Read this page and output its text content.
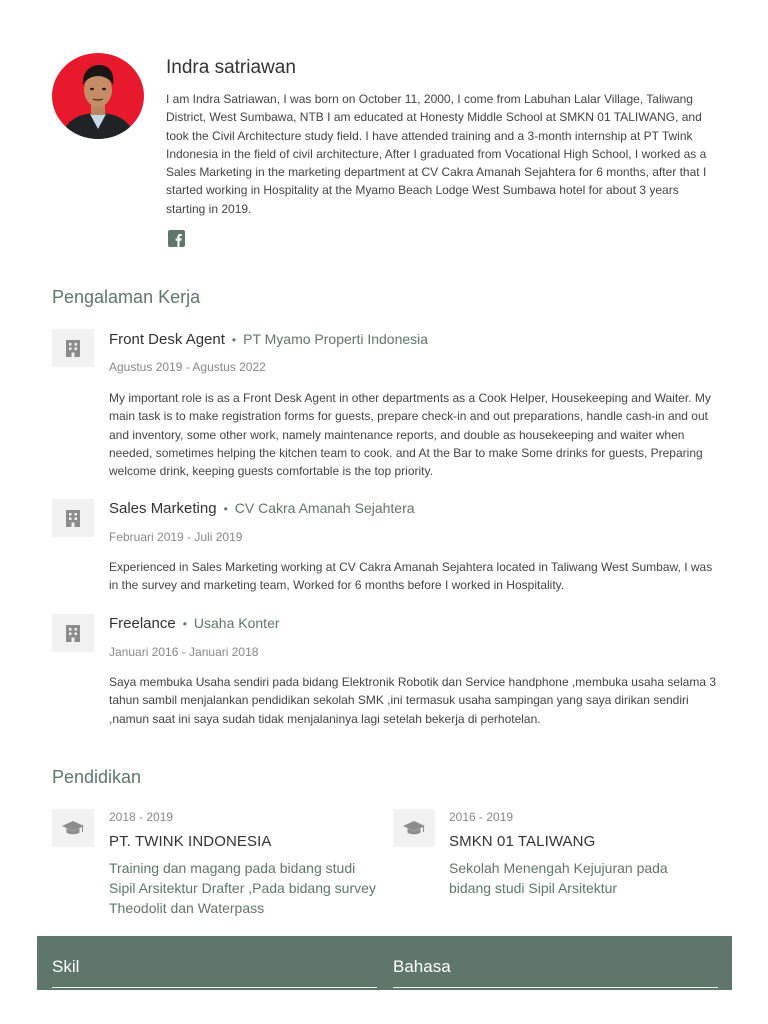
Indra satriawan
I am Indra Satriawan, I was born on October 11, 2000, I come from Labuhan Lalar Village, Taliwang District, West Sumbawa, NTB I am educated at Honesty Middle School at SMKN 01 TALIWANG, and took the Civil Architecture study field. I have attended training and a 3-month internship at PT Twink Indonesia in the field of civil architecture, After I graduated from Vocational High School, I worked as a Sales Marketing in the marketing department at CV Cakra Amanah Sejahtera for 6 months, after that I started working in Hospitality at the Myamo Beach Lodge West Sumbawa hotel for about 3 years starting in 2019.
Pengalaman Kerja
Front Desk Agent • PT Myamo Properti Indonesia
Agustus 2019 - Agustus 2022
My important role is as a Front Desk Agent in other departments as a Cook Helper, Housekeeping and Waiter. My main task is to make registration forms for guests, prepare check-in and out preparations, handle cash-in and out and inventory, some other work, namely maintenance reports, and double as housekeeping and waiter when needed, sometimes helping the kitchen team to cook. and At the Bar to make Some drinks for guests, Preparing welcome drink, keeping guests comfortable is the top priority.
Sales Marketing • CV Cakra Amanah Sejahtera
Februari 2019 - Juli 2019
Experienced in Sales Marketing working at CV Cakra Amanah Sejahtera located in Taliwang West Sumbaw, I was in the survey and marketing team, Worked for 6 months before I worked in Hospitality.
Freelance • Usaha Konter
Januari 2016 - Januari 2018
Saya membuka Usaha sendiri pada bidang Elektronik Robotik dan Service handphone ,membuka usaha selama 3 tahun sambil menjalankan pendidikan sekolah SMK ,ini termasuk usaha sampingan yang saya dirikan sendiri ,namun saat ini saya sudah tidak menjalaninya lagi setelah bekerja di perhotelan.
Pendidikan
2018 - 2019
PT. TWINK INDONESIA
Training dan magang pada bidang studi Sipil Arsitektur Drafter ,Pada bidang survey Theodolit dan Waterpass
2016 - 2019
SMKN 01 TALIWANG
Sekolah Menengah Kejujuran pada bidang studi Sipil Arsitektur
Skil	Bahasa
